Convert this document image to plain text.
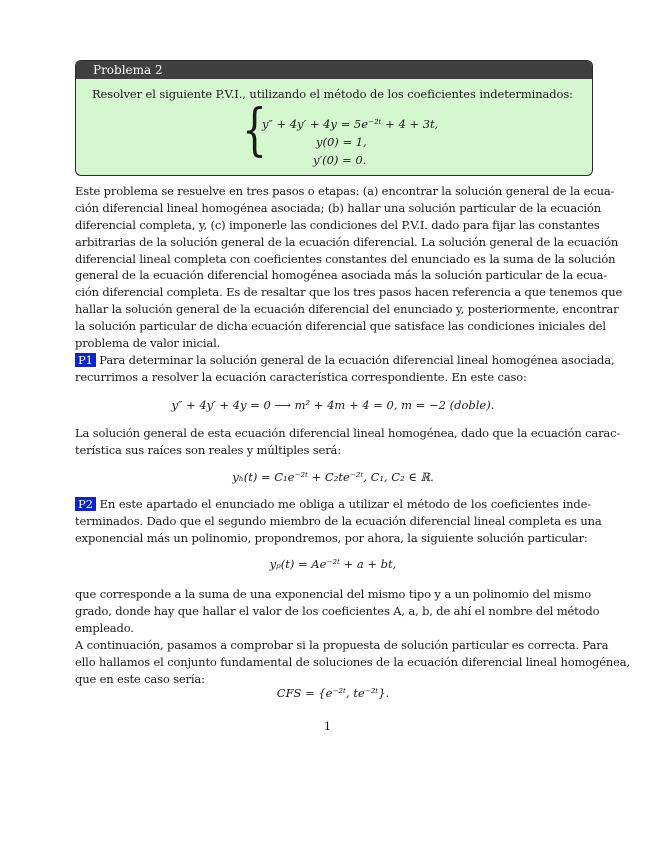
Problema 2
Resolver el siguiente P.V.I., utilizando el método de los coeficientes indeterminados:
{
y″ + 4y′ + 4y = 5e⁻²ᵗ + 4 + 3t,
y(0) = 1,
y′(0) = 0.
Este problema se resuelve en tres pasos o etapas: (a) encontrar la solución general de la ecua-
ción diferencial lineal homogénea asociada; (b) hallar una solución particular de la ecuación
diferencial completa, y, (c) imponerle las condiciones del P.V.I. dado para fijar las constantes
arbitrarias de la solución general de la ecuación diferencial. La solución general de la ecuación
diferencial lineal completa con coeficientes constantes del enunciado es la suma de la solución
general de la ecuación diferencial homogénea asociada más la solución particular de la ecua-
ción diferencial completa. Es de resaltar que los tres pasos hacen referencia a que tenemos que
hallar la solución general de la ecuación diferencial del enunciado y, posteriormente, encontrar
la solución particular de dicha ecuación diferencial que satisface las condiciones iniciales del
problema de valor inicial.
P1 Para determinar la solución general de la ecuación diferencial lineal homogénea asociada,
recurrimos a resolver la ecuación característica correspondiente. En este caso:
y″ + 4y′ + 4y = 0 ⟶ m² + 4m + 4 = 0, m = −2 (doble).
La solución general de esta ecuación diferencial lineal homogénea, dado que la ecuación carac-
terística sus raíces son reales y múltiples será:
yₕ(t) = C₁e⁻²ᵗ + C₂te⁻²ᵗ, C₁, C₂ ∈ ℝ.
P2 En este apartado el enunciado me obliga a utilizar el método de los coeficientes inde-
terminados. Dado que el segundo miembro de la ecuación diferencial lineal completa es una
exponencial más un polinomio, propondremos, por ahora, la siguiente solución particular:
yₚ(t) = Ae⁻²ᵗ + a + bt,
que corresponde a la suma de una exponencial del mismo tipo y a un polinomio del mismo
grado, donde hay que hallar el valor de los coeficientes A, a, b, de ahí el nombre del método
empleado.
A continuación, pasamos a comprobar si la propuesta de solución particular es correcta. Para
ello hallamos el conjunto fundamental de soluciones de la ecuación diferencial lineal homogénea,
que en este caso sería:
CFS = {e⁻²ᵗ, te⁻²ᵗ}.
1
